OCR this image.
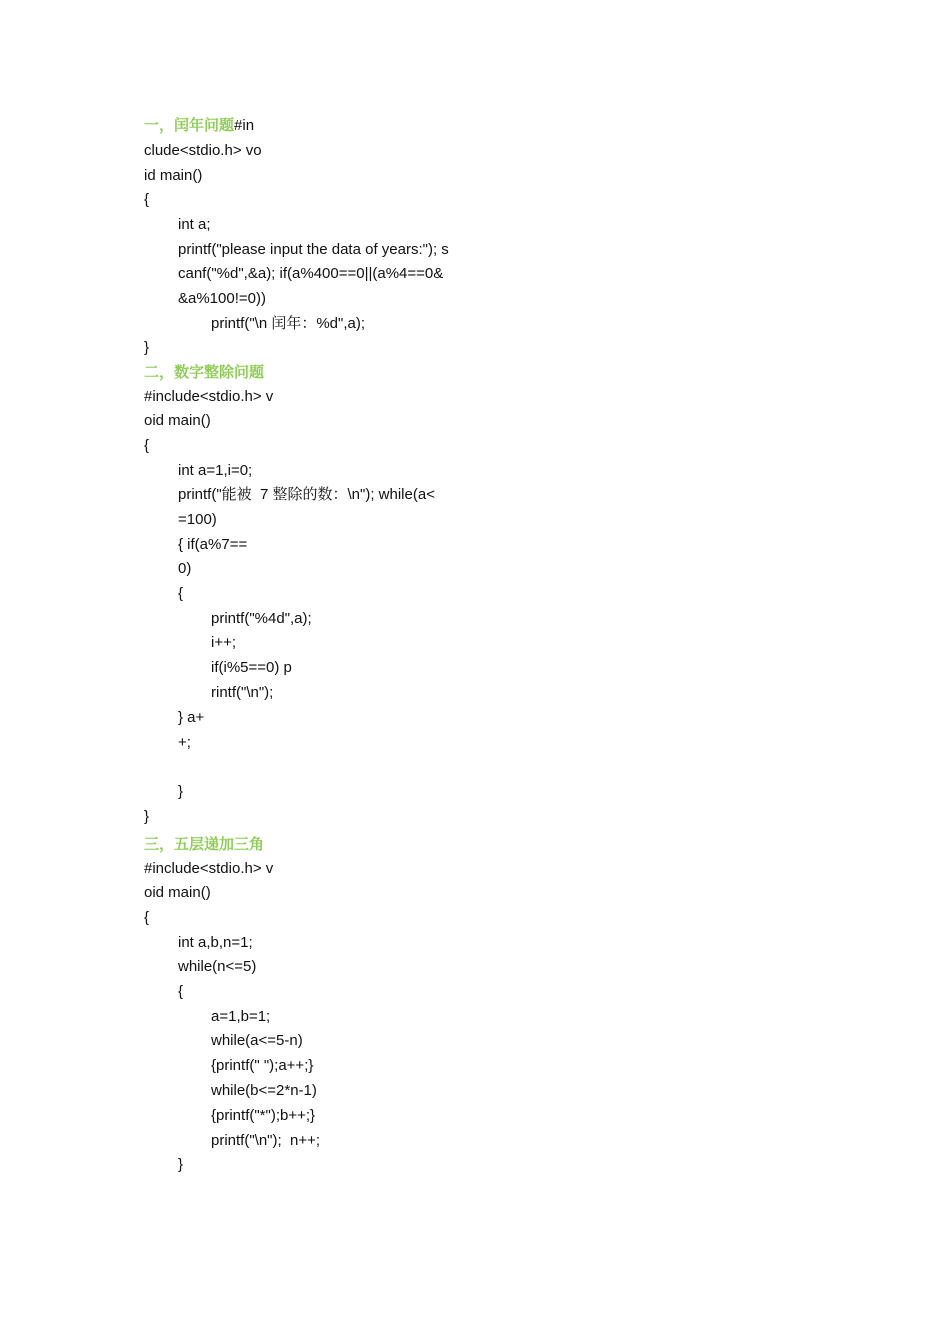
一，闰年问题#in
clude<stdio.h> vo
id main()
{
int a;
printf("please input the data of years:"); s
canf("%d",&a); if(a%400==0||(a%4==0&
&a%100!=0))
printf("\n 闰年：%d",a);
}
二，数字整除问题
#include<stdio.h> v
oid main()
{
int a=1,i=0;
printf("能被  7 整除的数：\n"); while(a<
=100)
{ if(a%7==
0)
{
printf("%4d",a);
i++;
if(i%5==0) p
rintf("\n");
} a+
+;
}
}
三，五层递加三角
#include<stdio.h> v
oid main()
{
int a,b,n=1;
while(n<=5)
{
a=1,b=1;
while(a<=5-n)
{printf(" ");a++;}
while(b<=2*n-1)
{printf("*");b++;}
printf("\n");  n++;
}
